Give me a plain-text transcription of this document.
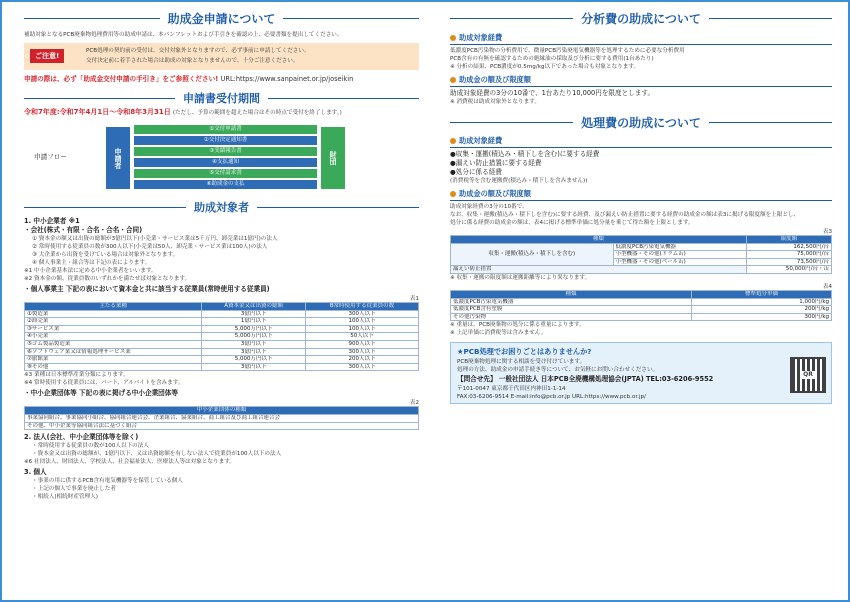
助成金申請について
補助対象となるPCB廃棄物処理費用等の助成申請は、本パンフレットおよび手引きを確認の上、必要書類を提出してください。
ご注意!
PCB処理の契約前の受付は、交付対象外となりますので、必ず事前に申請してください。
交付決定前に着手された場合は助成の対象となりませんので、十分ご注意ください。
申請の際は、必ず「助成金交付申請の手引き」をご参照ください! URL:https://www.sanpainet.or.jp/joseikin
申請書受付期間
令和7年度:令和7年4月1日〜令和8年3月31日 (ただし、予算の範囲を超えた場合はその時点で受付を終了します。)
申請フロー	申請者	財団
①交付申請書
②交付決定通知書
③実績報告書
④支払通知
⑤交付請求書
⑥助成金の支払
助成対象者
1. 中小企業者 ※1
・会社(株式・有限・合名・合名・合同)
① 資本金の額又は出資の総額が3億円以下(小売業・サービス業は5千万円、卸売業は1億円)の法人
② 常時使用する従業員の数が300人以下(小売業は50人、卸売業・サービス業は100人)の法人
③ 大企業から出資を受けている場合は対象外となります。
④ 個人事業主・組合等は下記の表によります。
※1 中小企業基本法に定める中小企業者をいいます。
※2 資本金の額、従業員数のいずれかを満たせば対象となります。
・個人事業主 下記の表において資本金と共に該当する従業員(常時使用する従業員)
表1
主たる業種	A資本金又は出資の総額	B常時使用する従業員の数
①製造業	3億円以下	300人以下
②卸売業	1億円以下	100人以下
③サービス業	5,000万円以下	100人以下
④小売業	5,000万円以下	50人以下
⑤ゴム製品製造業	3億円以下	900人以下
⑥ソフトウェア業又は情報処理サービス業	3億円以下	300人以下
⑦旅館業	5,000万円以下	200人以下
⑧その他	3億円以下	300人以下
※3 業種は日本標準産業分類によります。
※4 常時使用する従業員には、パート、アルバイトを含みます。
・中小企業団体等 下記の表に掲げる中小企業団体等
表2
中小企業団体の種類
事業協同組合、事業協同小組合、協同組合連合会、企業組合、協業組合、商工組合及び商工組合連合会
その他、中小企業等協同組合法に基づく組合
2. 法人(会社、中小企業団体等を除く)
・常時使用する従業員の数が100人以下の法人
・資本金又は出資の総額が、1億円以下、又は出資総額を有しない法人で従業員が100人以下の法人
※6 社団法人、財団法人、学校法人、社会福祉法人、医療法人等は対象となります。
3. 個人
・事業の用に供するPCB含有電気機器等を保管している個人
・上記の個人で事業を廃止した者
・相続人(相続財産管理人)
分析費の助成について
助成対象経費
低濃度PCB汚染物の分析費用で、微量PCB汚染廃電気機器等を処理するために必要な分析費用
PCB含有の有無を確認するための絶縁油の採取及び分析に要する費用(1台あたり)
※ 分析の結果、PCB濃度が0.5mg/kg以下であった場合も対象となります。
助成金の額及び限度額
助成対象経費の3分の10番で、1台あたり10,000円を限度とします。
※ 消費税は助成対象外となります。
処理費の助成について
助成対象経費
●収集・運搬(積込み・積下しを含む)に要する経費
●漏えい防止措置に要する経費
●処分に係る経費
(消費税等を含む運搬費(積込み・積下しを含みません))
助成金の額及び限度額
助成対象経費の3分の10番で、
なお、収集・運搬(積込み・積下しを含む)に要する経費、及び漏えい防止措置に要する経費の助成金の額は表3に掲げる限度額を上限とし、
処分に係る経費の助成金の額は、表4に掲げる標準単価に処分量を乗じて得た額を上限とします。
表3
種類		限度額
収集・運搬(積込み・積下しを含む)	低濃度PCB汚染電気機器	162,500円/台
	小型機器・その他(ドラム缶)	75,000円/台
	小型機器・その他(ペール缶)	73,500円/台
漏えい防止措置		50,000円/台・缶
※ 収集・運搬の限度額は運搬距離等により異なります。
表4
種類	標準処分単価
低濃度PCB汚染電気機器	1,000円/kg
低濃度PCB含有塗膜	200円/kg
その他汚染物	300円/kg
※ 重量は、PCB廃棄物の処分に係る重量によります。
※ 上記単価に消費税等は含みません。
★PCB処理でお困りごとはありませんか?
PCB廃棄物処理に関する相談を受け付けています。
処理の方法、助成金の申請手続き等について、お気軽にお問い合わせください。
【問合せ先】 一般社団法人 日本PCB全廃機構処理協会(JPTA) TEL:03-6206-9552
〒101-0047 東京都千代田区内神田1-1-14
FAX:03-6206-9514 E-mail:info@pcb.or.jp URL:https://www.pcb.or.jp/
QR
